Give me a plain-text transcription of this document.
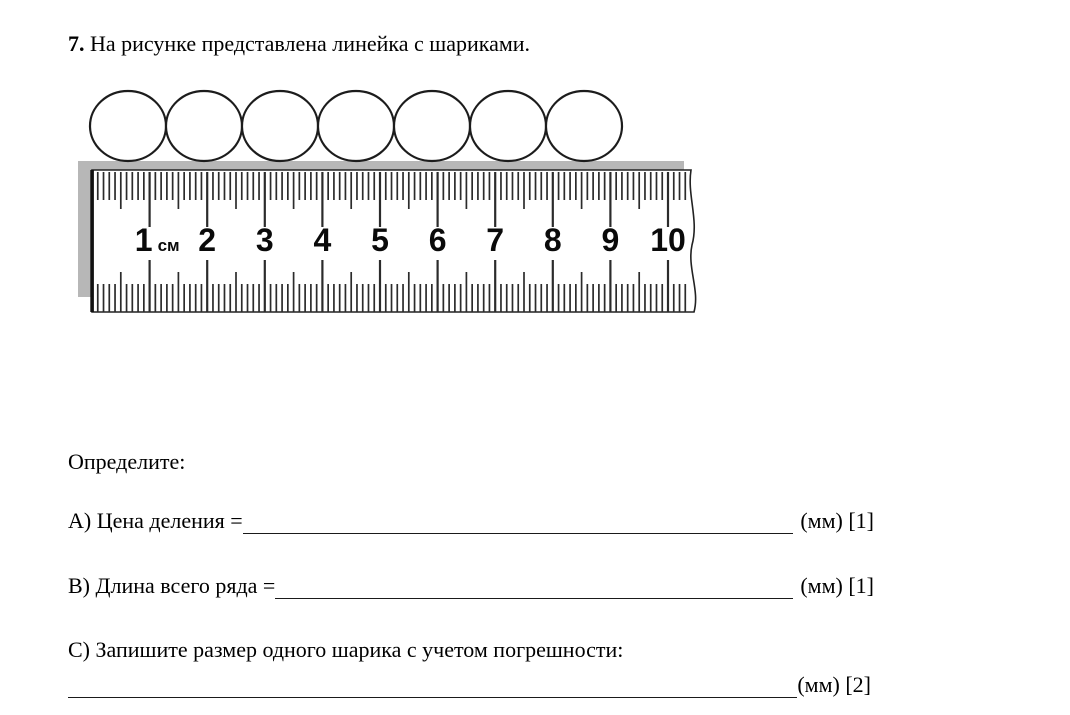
7. На рисунке представлена линейка с шариками.
1 см 2 3 4 5 6 7 8 9 10
Определите:
А) Цена деления =	(мм) [1]
В) Длина всего ряда =	(мм) [1]
С) Запишите размер одного шарика с учетом погрешности:
(мм) [2]
